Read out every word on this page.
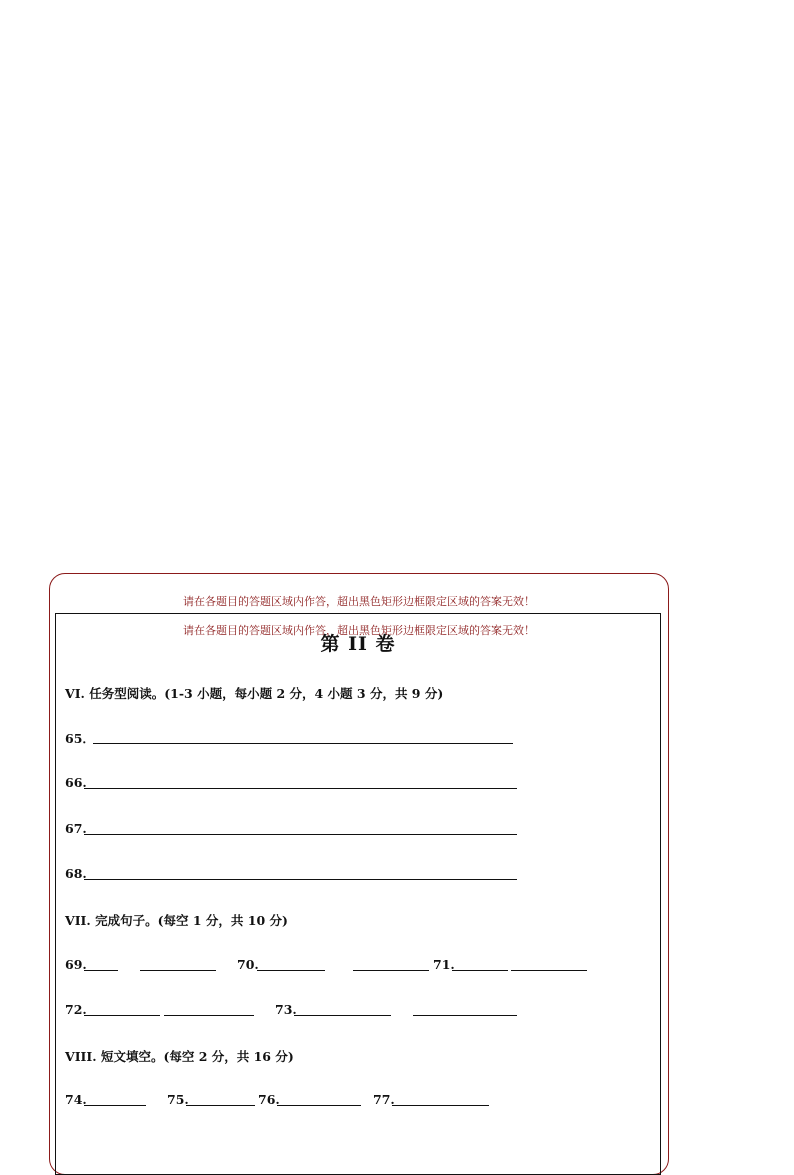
请在各题目的答题区域内作答，超出黑色矩形边框限定区域的答案无效！
请在各题目的答题区域内作答，超出黑色矩形边框限定区域的答案无效！
第 II 卷
VI. 任务型阅读。(1-3 小题，每小题 2 分，4 小题 3 分，共 9 分)
65．
66.
67.
68.
VII. 完成句子。(每空 1 分，共 10 分)
69.	70.	71.
72.	73.
VIII. 短文填空。(每空 2 分，共 16 分)
74.	75.	76.	77.
